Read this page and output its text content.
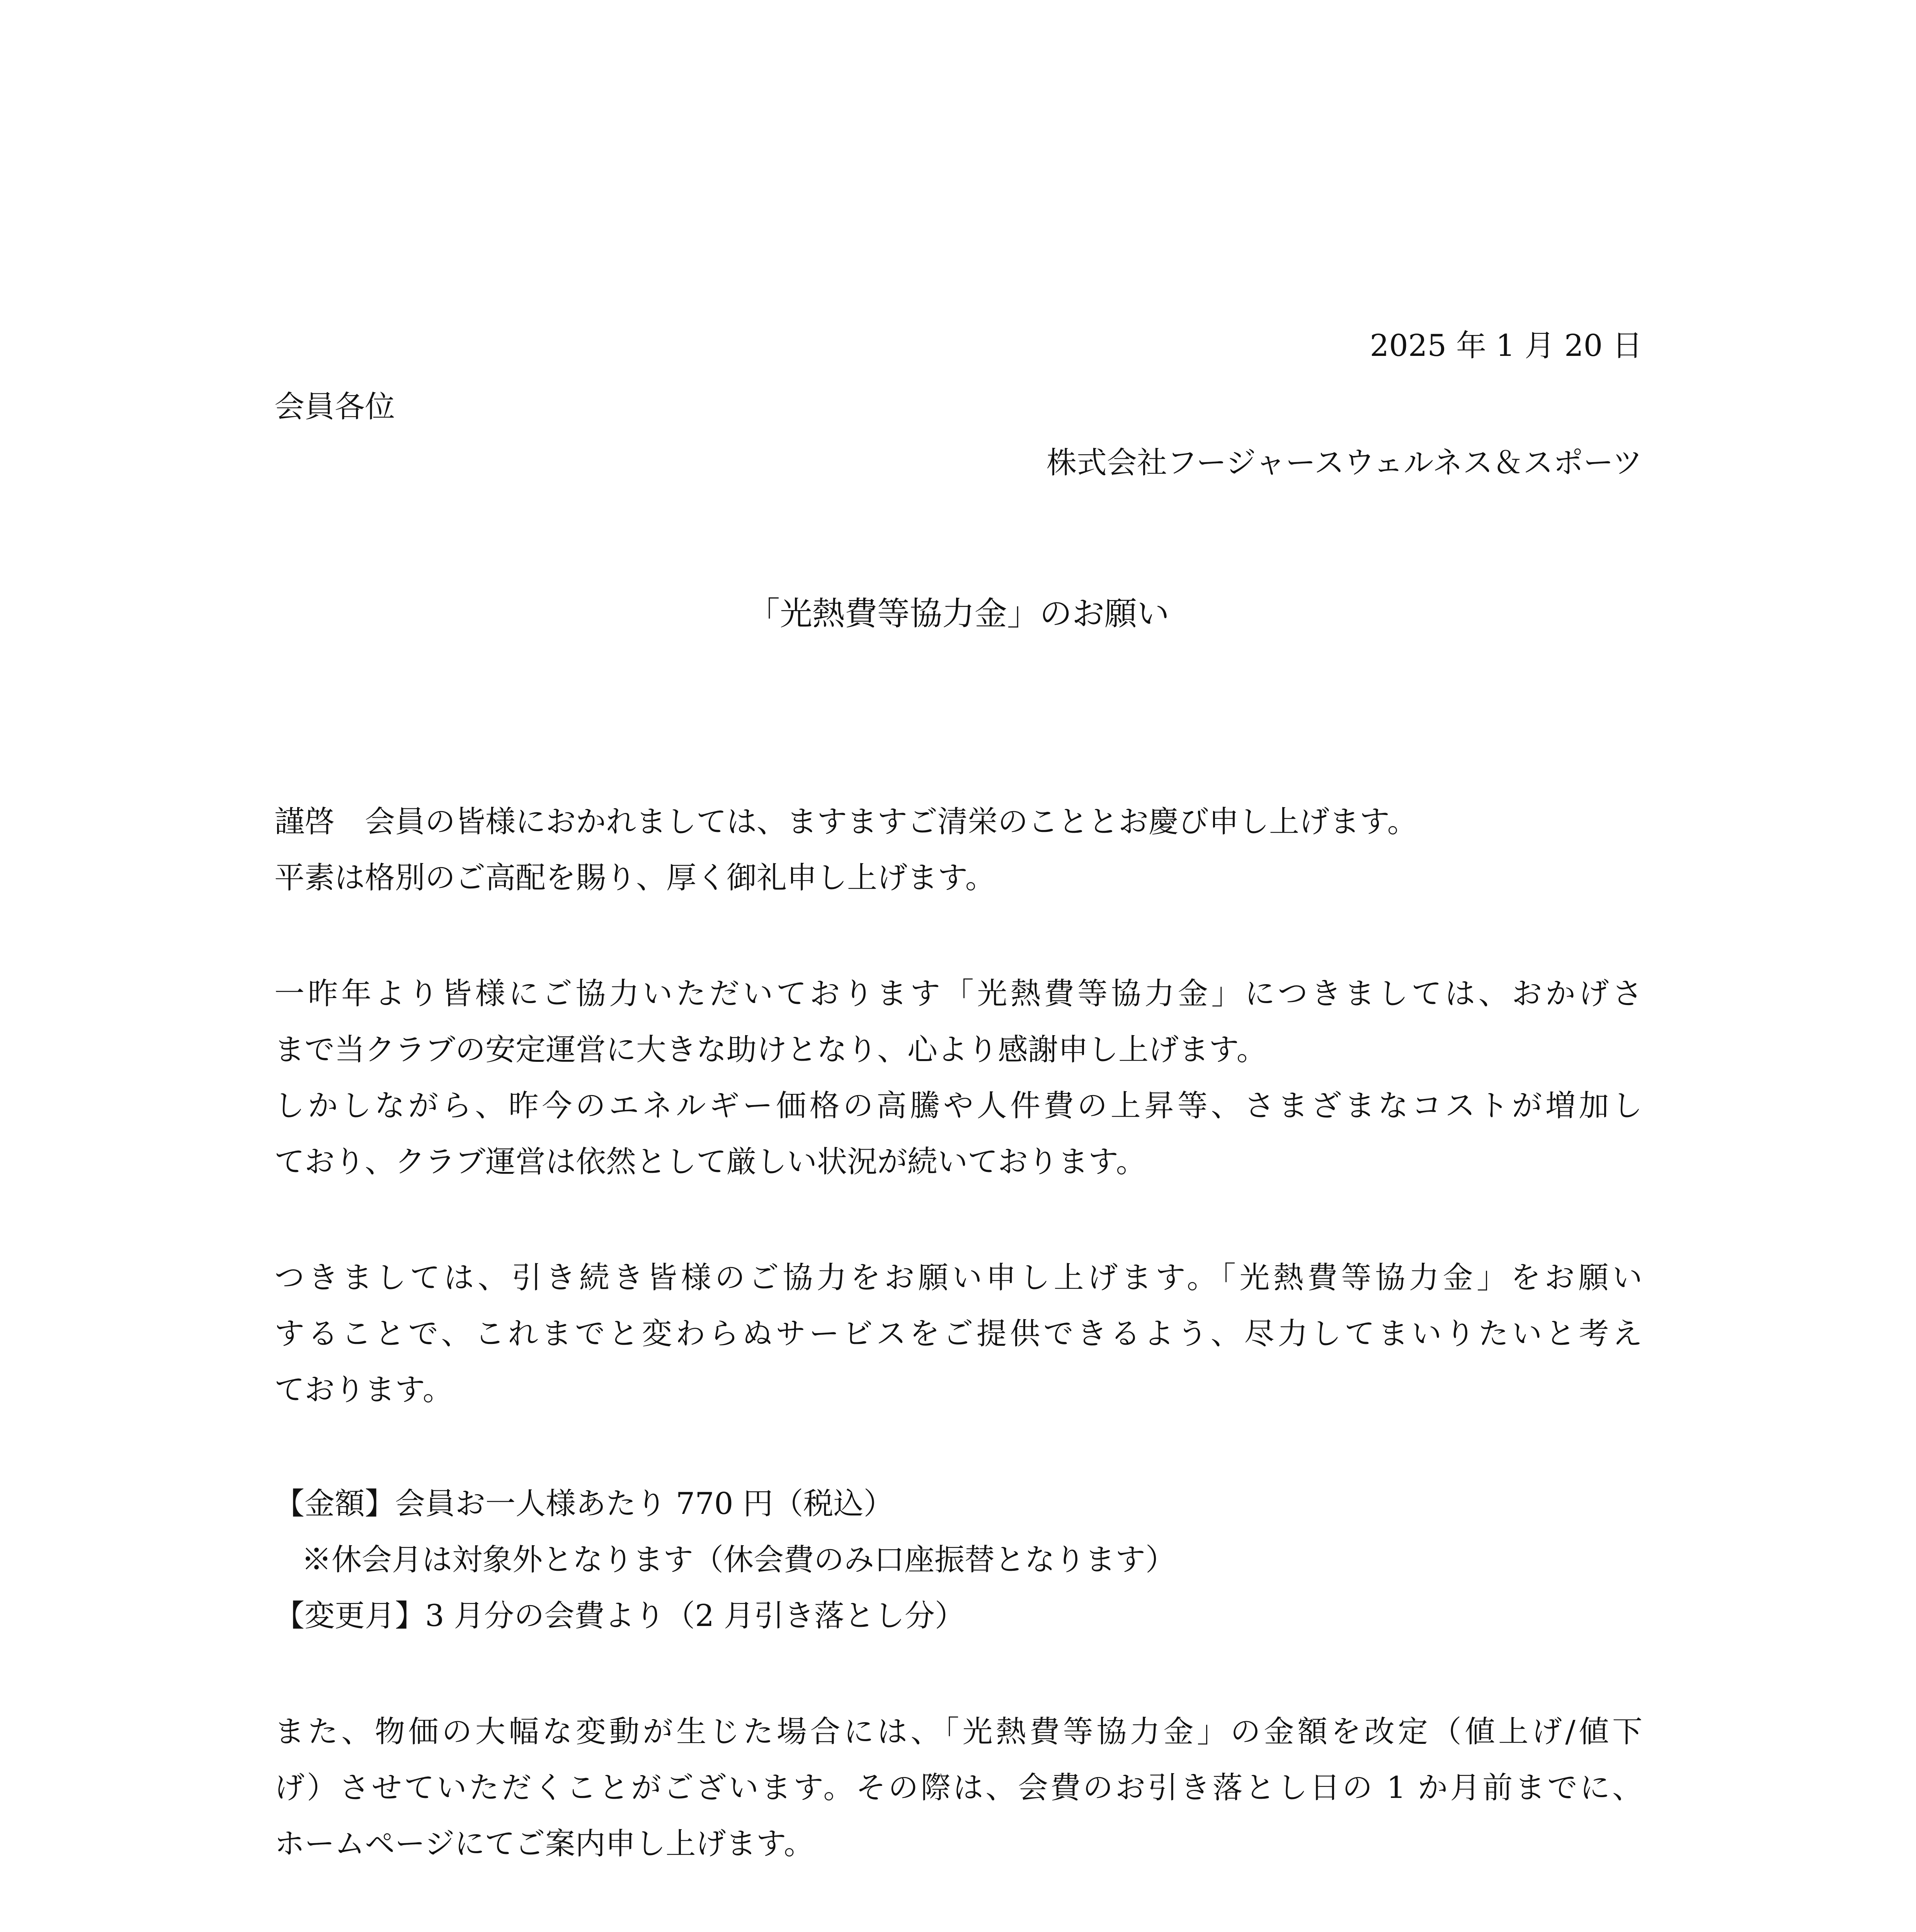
2025 年 1 月 20 日
会員各位
株式会社フージャースウェルネス＆スポーツ
「光熱費等協力金」のお願い
謹啓　会員の皆様におかれましては、ますますご清栄のこととお慶び申し上げます。
平素は格別のご高配を賜り、厚く御礼申し上げます。
一昨年より皆様にご協力いただいております「光熱費等協力金」につきましては、おかげさ
まで当クラブの安定運営に大きな助けとなり、心より感謝申し上げます。
しかしながら、昨今のエネルギー価格の高騰や人件費の上昇等、さまざまなコストが増加し
ており、クラブ運営は依然として厳しい状況が続いております。
つきましては、引き続き皆様のご協力をお願い申し上げます。「光熱費等協力金」をお願い
することで、これまでと変わらぬサービスをご提供できるよう、尽力してまいりたいと考え
ております。
【金額】会員お一人様あたり 770 円（税込）
※休会月は対象外となります（休会費のみ口座振替となります）
【変更月】3 月分の会費より（2 月引き落とし分）
また、物価の大幅な変動が生じた場合には、「光熱費等協力金」の金額を改定（値上げ/値下
げ）させていただくことがございます。その際は、会費のお引き落とし日の 1 か月前までに、
ホームページにてご案内申し上げます。
